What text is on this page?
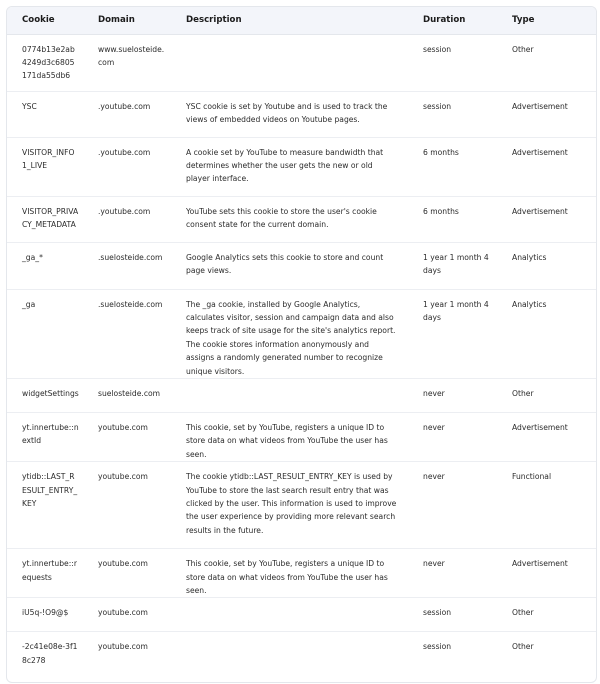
Cookie	Domain	Description	Duration	Type
0774b13e2ab4249d3c6805171da55db6	www.suelosteide.com		session	Other
YSC	.youtube.com	YSC cookie is set by Youtube and is used to track the views of embedded videos on Youtube pages.	session	Advertisement
VISITOR_INFO1_LIVE	.youtube.com	A cookie set by YouTube to measure bandwidth that determines whether the user gets the new or old player interface.	6 months	Advertisement
VISITOR_PRIVACY_METADATA	.youtube.com	YouTube sets this cookie to store the user's cookie consent state for the current domain.	6 months	Advertisement
_ga_*	.suelosteide.com	Google Analytics sets this cookie to store and count page views.	1 year 1 month 4 days	Analytics
_ga	.suelosteide.com	The _ga cookie, installed by Google Analytics, calculates visitor, session and campaign data and also keeps track of site usage for the site's analytics report. The cookie stores information anonymously and assigns a randomly generated number to recognize unique visitors.	1 year 1 month 4 days	Analytics
widgetSettings	suelosteide.com		never	Other
yt.innertube::nextId	youtube.com	This cookie, set by YouTube, registers a unique ID to store data on what videos from YouTube the user has seen.	never	Advertisement
ytidb::LAST_RESULT_ENTRY_KEY	youtube.com	The cookie ytidb::LAST_RESULT_ENTRY_KEY is used by YouTube to store the last search result entry that was clicked by the user. This information is used to improve the user experience by providing more relevant search results in the future.	never	Functional
yt.innertube::requests	youtube.com	This cookie, set by YouTube, registers a unique ID to store data on what videos from YouTube the user has seen.	never	Advertisement
iU5q-!O9@$	youtube.com		session	Other
-2c41e08e-3f18c278	youtube.com		session	Other
